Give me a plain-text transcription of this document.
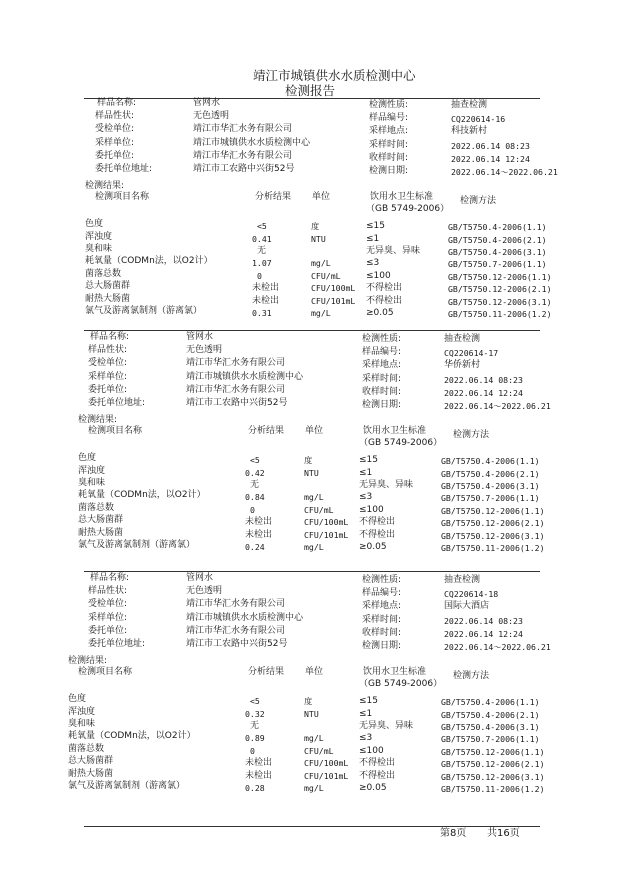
靖江市城镇供水水质检测中心
检测报告
样品名称:	管网水
样品性状:	无色透明
受检单位:	靖江市华汇水务有限公司
采样单位:	靖江市城镇供水水质检测中心
委托单位:	靖江市华汇水务有限公司
委托单位地址:	靖江市工农路中兴街52号
检测性质:	抽查检测
样品编号:	CQ220614-16
采样地点:	科技新村
采样时间:	2022.06.14 08:23
收样时间:	2022.06.14 12:24
检测日期:	2022.06.14～2022.06.21
检测结果:
检测项目名称	分析结果 单位	饮用水卫生标准	检测方法
（GB 5749-2006）
色度	<5	度	≤15	GB/T5750.4-2006(1.1)
浑浊度	0.41	NTU	≤1	GB/T5750.4-2006(2.1)
臭和味	无	无异臭、异味	GB/T5750.4-2006(3.1)
耗氧量（CODMn法，以O2计）	1.07	mg/L	≤3	GB/T5750.7-2006(1.1)
菌落总数	0	CFU/mL	≤100	GB/T5750.12-2006(1.1)
总大肠菌群	未检出	CFU/100mL 不得检出	GB/T5750.12-2006(2.1)
耐热大肠菌	未检出	CFU/101mL 不得检出	GB/T5750.12-2006(3.1)
氯气及游离氯制剂（游离氯）	0.31	mg/L	≥0.05	GB/T5750.11-2006(1.2)
样品名称:	管网水
样品性状:	无色透明
受检单位:	靖江市华汇水务有限公司
采样单位:	靖江市城镇供水水质检测中心
委托单位:	靖江市华汇水务有限公司
委托单位地址:	靖江市工农路中兴街52号
检测性质:	抽查检测
样品编号:	CQ220614-17
采样地点:	华侨新村
采样时间:	2022.06.14 08:23
收样时间:	2022.06.14 12:24
检测日期:	2022.06.14～2022.06.21
检测结果:
检测项目名称	分析结果 单位	饮用水卫生标准	检测方法
（GB 5749-2006）
色度	<5	度	≤15	GB/T5750.4-2006(1.1)
浑浊度	0.42	NTU	≤1	GB/T5750.4-2006(2.1)
臭和味	无	无异臭、异味	GB/T5750.4-2006(3.1)
耗氧量（CODMn法，以O2计）	0.84	mg/L	≤3	GB/T5750.7-2006(1.1)
菌落总数	0	CFU/mL	≤100	GB/T5750.12-2006(1.1)
总大肠菌群	未检出	CFU/100mL 不得检出	GB/T5750.12-2006(2.1)
耐热大肠菌	未检出	CFU/101mL 不得检出	GB/T5750.12-2006(3.1)
氯气及游离氯制剂（游离氯）	0.24	mg/L	≥0.05	GB/T5750.11-2006(1.2)
样品名称:	管网水
样品性状:	无色透明
受检单位:	靖江市华汇水务有限公司
采样单位:	靖江市城镇供水水质检测中心
委托单位:	靖江市华汇水务有限公司
委托单位地址:	靖江市工农路中兴街52号
检测性质:	抽查检测
样品编号:	CQ220614-18
采样地点:	国际大酒店
采样时间:	2022.06.14 08:23
收样时间:	2022.06.14 12:24
检测日期:	2022.06.14～2022.06.21
检测结果:
检测项目名称	分析结果 单位	饮用水卫生标准	检测方法
（GB 5749-2006）
色度	<5	度	≤15	GB/T5750.4-2006(1.1)
浑浊度	0.32	NTU	≤1	GB/T5750.4-2006(2.1)
臭和味	无	无异臭、异味	GB/T5750.4-2006(3.1)
耗氧量（CODMn法，以O2计）	0.89	mg/L	≤3	GB/T5750.7-2006(1.1)
菌落总数	0	CFU/mL	≤100	GB/T5750.12-2006(1.1)
总大肠菌群	未检出	CFU/100mL 不得检出	GB/T5750.12-2006(2.1)
耐热大肠菌	未检出	CFU/101mL 不得检出	GB/T5750.12-2006(3.1)
氯气及游离氯制剂（游离氯）	0.28	mg/L	≥0.05	GB/T5750.11-2006(1.2)
第8页 共16页
